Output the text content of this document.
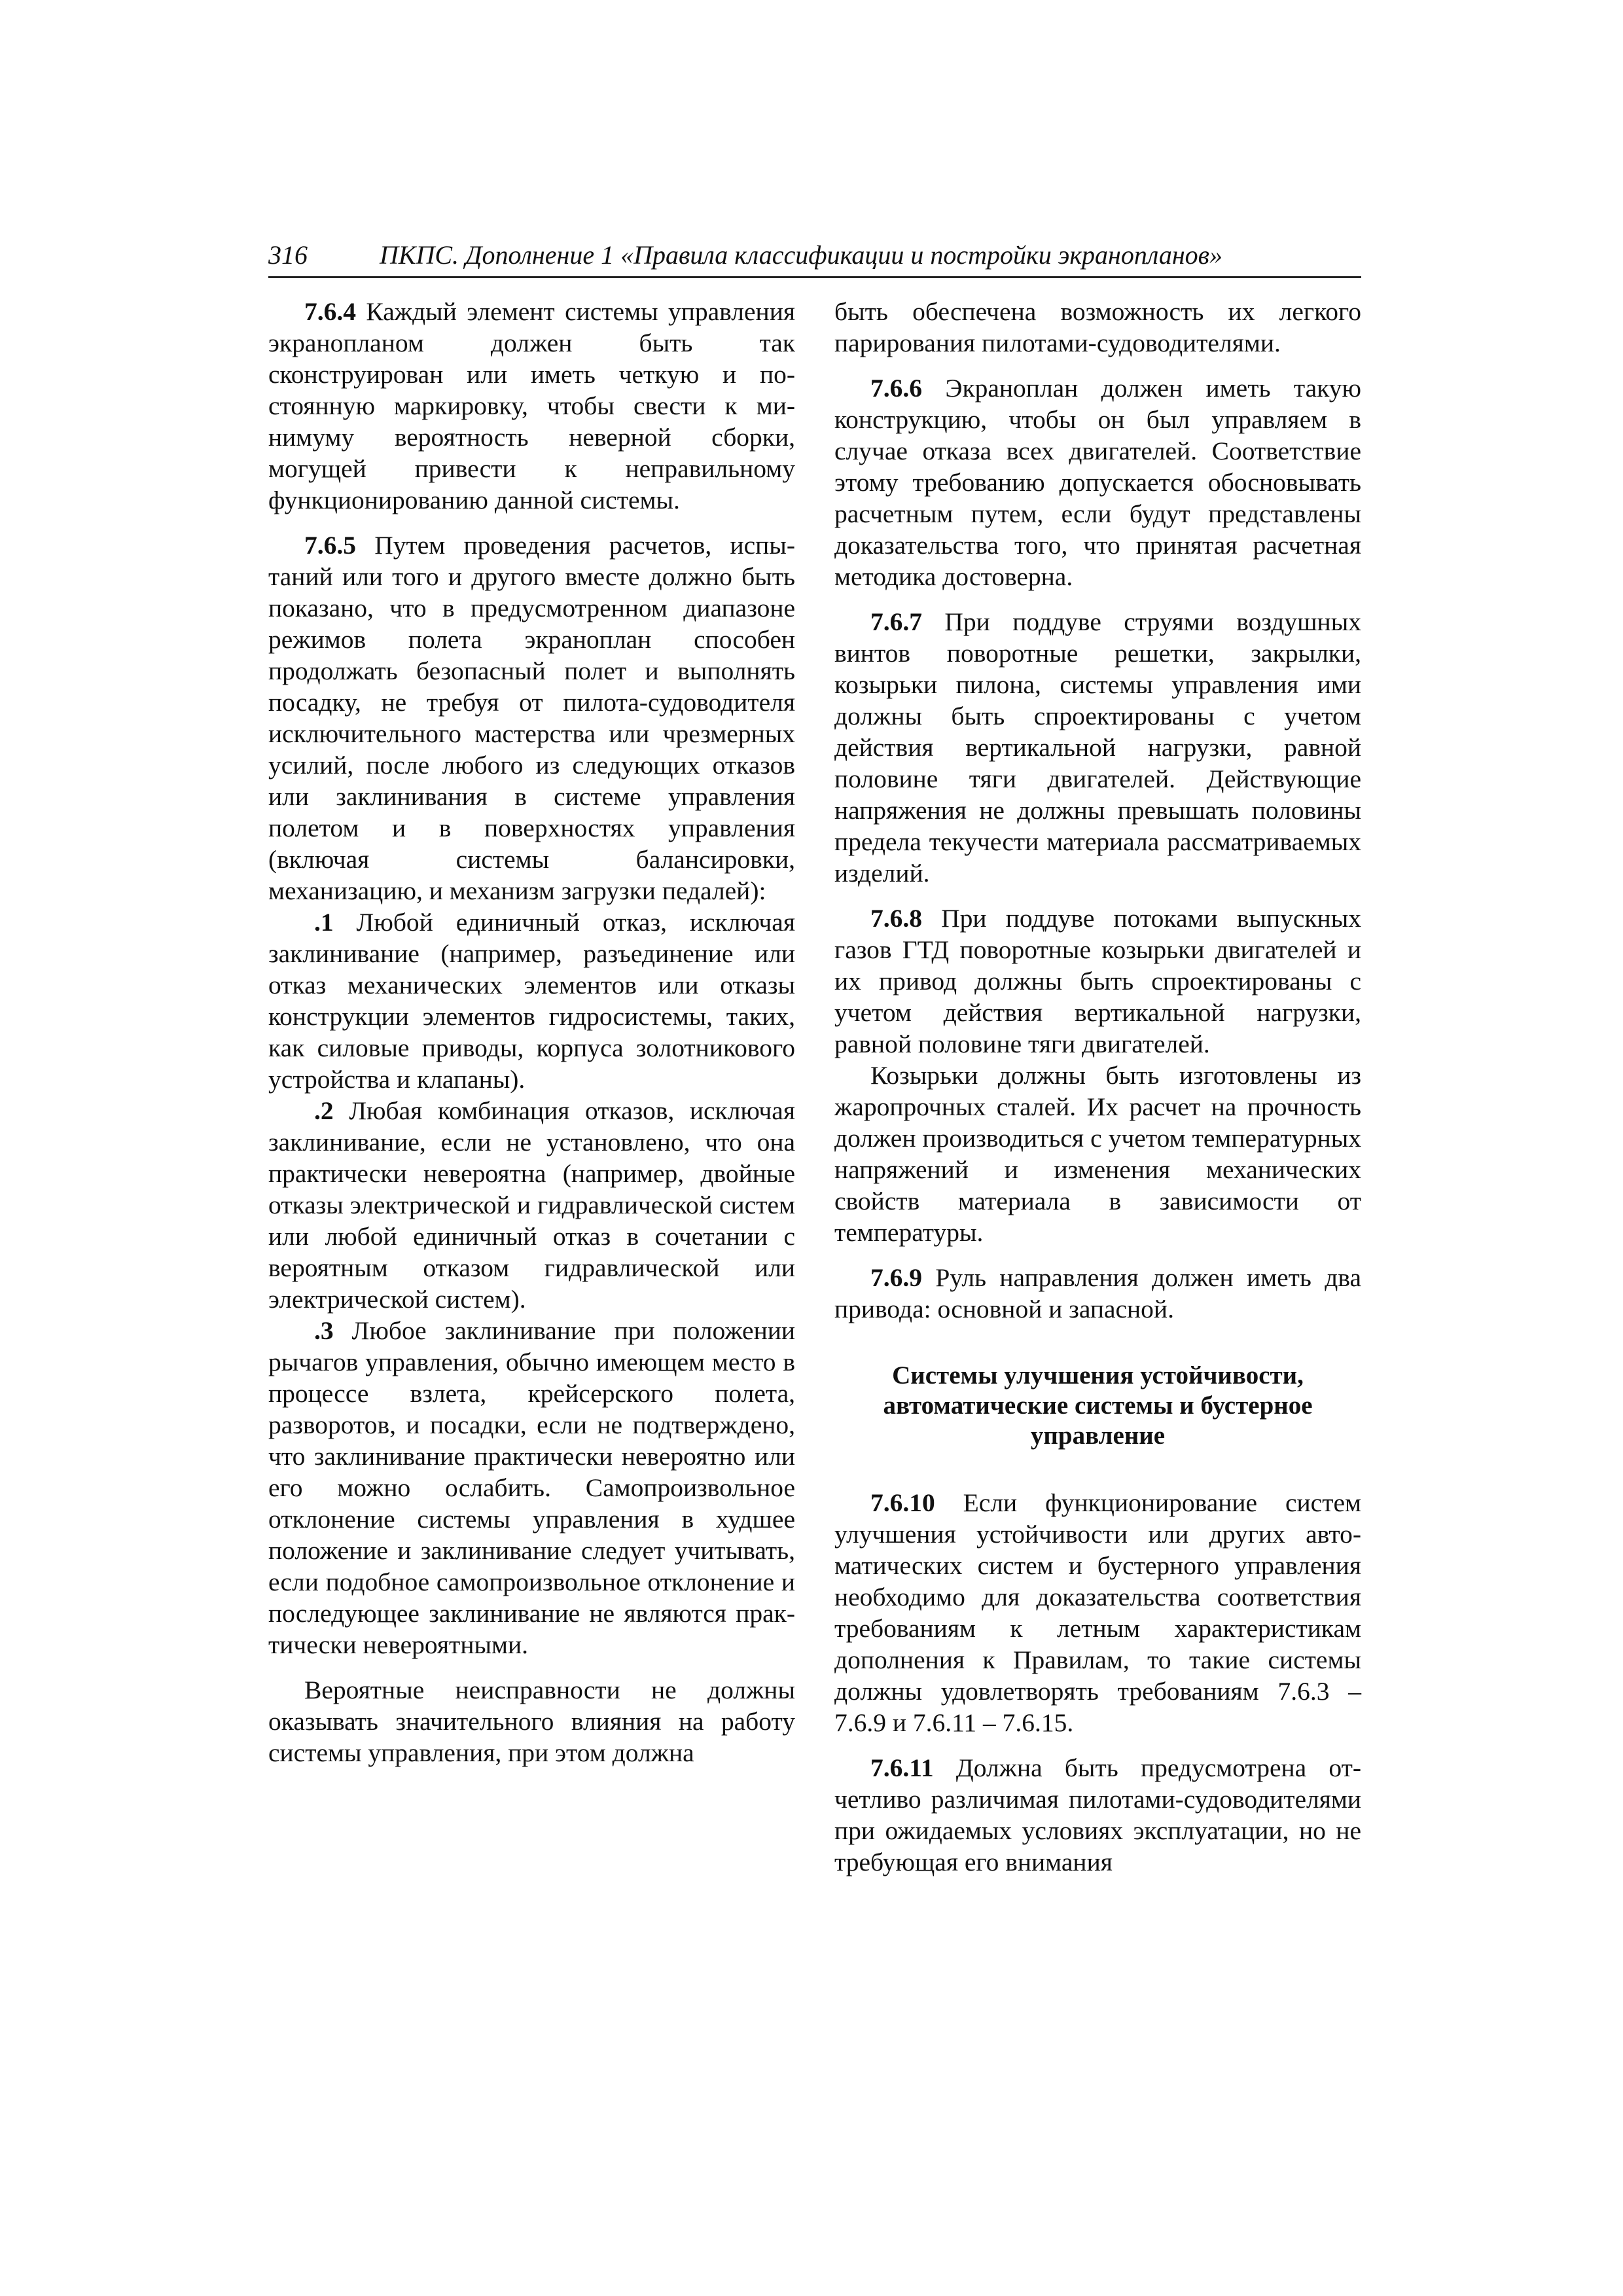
316	ПКПС. Дополнение 1 «Правила классификации и постройки экранопланов»

7.6.4 Каждый элемент системы управления экранопланом должен быть так сконструирован или иметь четкую и постоянную маркировку, чтобы свести к минимуму вероятность неверной сборки, могущей привести к неправильному функционированию данной системы.

7.6.5 Путем проведения расчетов, испытаний или того и другого вместе должно быть показано, что в предусмотренном диапазоне режимов полета экраноплан способен продолжать безопасный полет и выполнять посадку, не требуя от пилота-судоводителя исключительного мастерства или чрезмерных усилий, после любого из следующих отказов или заклинивания в системе управления полетом и в поверхностях управления (включая системы балансировки, механизацию, и механизм загрузки педалей):

.1 Любой единичный отказ, исключая заклинивание (например, разъединение или отказ механических элементов или отказы конструкции элементов гидросистемы, таких, как силовые приводы, корпуса золотникового устройства и клапаны).

.2 Любая комбинация отказов, исключая заклинивание, если не установлено, что она практически невероятна (например, двойные отказы электрической и гидравлической систем или любой единичный отказ в сочетании с вероятным отказом гидравлической или электрической систем).

.3 Любое заклинивание при положении рычагов управления, обычно имеющем место в процессе взлета, крейсерского полета, разворотов, и посадки, если не подтверждено, что заклинивание практически невероятно или его можно ослабить. Самопроизвольное отклонение системы управления в худшее положение и заклинивание следует учитывать, если подобное самопроизвольное отклонение и последующее заклинивание не являются практически невероятными.

Вероятные неисправности не должны оказывать значительного влияния на работу системы управления, при этом должна

быть обеспечена возможность их легкого парирования пилотами-судоводителями.

7.6.6 Экраноплан должен иметь такую конструкцию, чтобы он был управляем в случае отказа всех двигателей. Соответствие этому требованию допускается обосновывать расчетным путем, если будут представлены доказательства того, что принятая расчетная методика достоверна.

7.6.7 При поддуве струями воздушных винтов поворотные решетки, закрылки, козырьки пилона, системы управления ими должны быть спроектированы с учетом действия вертикальной нагрузки, равной половине тяги двигателей. Действующие напряжения не должны превышать половины предела текучести материала рассматриваемых изделий.

7.6.8 При поддуве потоками выпускных газов ГТД поворотные козырьки двигателей и их привод должны быть спроектированы с учетом действия вертикальной нагрузки, равной половине тяги двигателей.

Козырьки должны быть изготовлены из жаропрочных сталей. Их расчет на прочность должен производиться с учетом температурных напряжений и изменения механических свойств материала в зависимости от температуры.

7.6.9 Руль направления должен иметь два привода: основной и запасной.

Системы улучшения устойчивости, автоматические системы и бустерное управление

7.6.10 Если функционирование систем улучшения устойчивости или других автоматических систем и бустерного управления необходимо для доказательства соответствия требованиям к летным характеристикам дополнения к Правилам, то такие системы должны удовлетворять требованиям 7.6.3 – 7.6.9 и 7.6.11 – 7.6.15.

7.6.11 Должна быть предусмотрена отчетливо различимая пилотами-судоводителями при ожидаемых условиях эксплуатации, но не требующая его внимания
